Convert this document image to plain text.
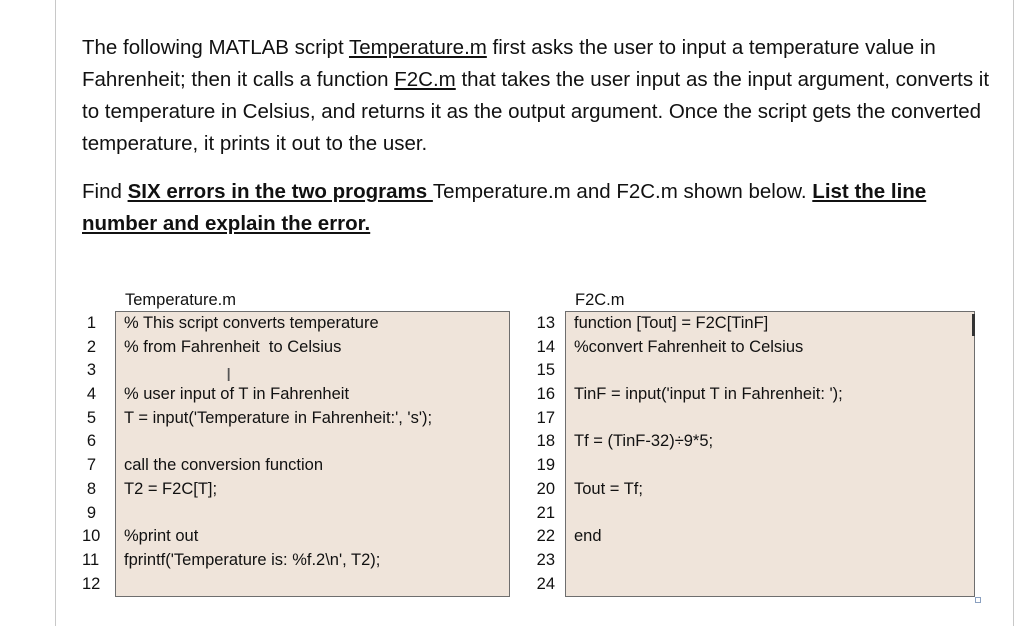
The following MATLAB script Temperature.m first asks the user to input a temperature value in Fahrenheit; then it calls a function F2C.m that takes the user input as the input argument, converts it to temperature in Celsius, and returns it as the output argument. Once the script gets the converted temperature, it prints it out to the user.

Find SIX errors in the two programs Temperature.m and F2C.m shown below. List the line number and explain the error.

Temperature.m	F2C.m
1
2
3
4
5
6
7
8
9
10
11
12
% This script converts temperature
% from Fahrenheit  to Celsius
% user input of T in Fahrenheit
T = input('Temperature in Fahrenheit:', 's');
call the conversion function
T2 = F2C[T];
%print out
fprintf('Temperature is: %f.2\n', T2);
13
14
15
16
17
18
19
20
21
22
23
24
function [Tout] = F2C[TinF]
%convert Fahrenheit to Celsius
TinF = input('input T in Fahrenheit: ');
Tf = (TinF-32)÷9*5;
Tout = Tf;
end
I
